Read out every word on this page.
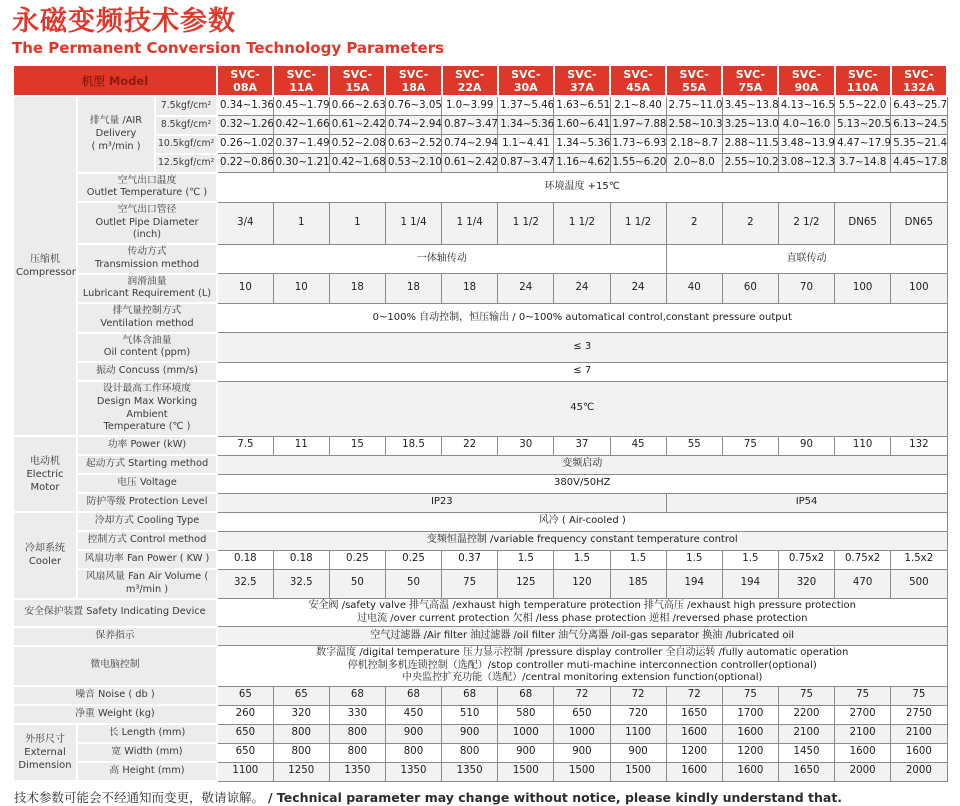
永磁变频技术参数
The Permanent Conversion Technology Parameters
机型 Model			SVC-08A	SVC-11A	SVC-15A	SVC-18A	SVC-22A	SVC-30A	SVC-37A	SVC-45A	SVC-55A	SVC-75A	SVC-90A	SVC-110A	SVC-132A
压缩机
Compressor	排气量 /AIR
Delivery
( m³/min )	7.5kgf/cm²	0.34~1.36	0.45~1.79	0.66~2.63	0.76~3.05	1.0~3.99	1.37~5.46	1.63~6.51	2.1~8.40	2.75~11.0	3.45~13.8	4.13~16.5	5.5~22.0	6.43~25.7
		8.5kgf/cm²	0.32~1.26	0.42~1.66	0.61~2.42	0.74~2.94	0.87~3.47	1.34~5.36	1.60~6.41	1.97~7.88	2.58~10.3	3.25~13.0	4.0~16.0	5.13~20.5	6.13~24.5
		10.5kgf/cm²	0.26~1.02	0.37~1.49	0.52~2.08	0.63~2.52	0.74~2.94	1.1~4.41	1.34~5.36	1.73~6.93	2.18~8.7	2.88~11.5	3.48~13.9	4.47~17.9	5.35~21.4
		12.5kgf/cm²	0.22~0.86	0.30~1.21	0.42~1.68	0.53~2.10	0.61~2.42	0.87~3.47	1.16~4.62	1.55~6.20	2.0~8.0	2.55~10.2	3.08~12.3	3.7~14.8	4.45~17.8
	空气出口温度
Outlet Temperature (℃ )		环境温度 +15℃												
	空气出口管径
Outlet Pipe Diameter (inch)		3/4	1	1	1 1/4	1 1/4	1 1/2	1 1/2	1 1/2	2	2	2 1/2	DN65	DN65
	传动方式
Transmission method		一体轴传动								直联传动				
	润滑油量
Lubricant Requirement (L)		10	10	18	18	18	24	24	24	40	60	70	100	100
	排气量控制方式
Ventilation method		0~100% 自动控制，恒压输出 / 0~100% automatical control,constant pressure output												
	气体含油量
Oil content (ppm)		≤ 3												
	振动 Concuss (mm/s)		≤ 7												
	设计最高工作环境度
Design Max Working Ambient
Temperature (℃ )		45℃												
电动机
Electric Motor	功率 Power (kW)		7.5	11	15	18.5	22	30	37	45	55	75	90	110	132
	起动方式 Starting method		变频启动												
	电压 Voltage		380V/50HZ												
	防护等级 Protection Level		IP23								IP54				
冷却系统
Cooler	冷却方式 Cooling Type		风冷 ( Air-cooled )												
	控制方式 Control method		变频恒温控制 /variable frequency constant temperature control												
	风扇功率 Fan Power ( KW )		0.18	0.18	0.25	0.25	0.37	1.5	1.5	1.5	1.5	1.5	0.75x2	0.75x2	1.5x2
	风扇风量 Fan Air Volume ( m³/min )		32.5	32.5	50	50	75	125	120	185	194	194	320	470	500
安全保护装置 Safety Indicating Device			安全阀 /safety valve 排气高温 /exhaust high temperature protection 排气高压 /exhaust high pressure protection
过电流 /over current protection 欠相 /less phase protection 逆相 /reversed phase protection												
保养指示			空气过滤器 /Air filter 油过滤器 /oil filter 油气分离器 /oil-gas separator 换油 /lubricated oil												
微电脑控制			数字温度 /digital temperature 压力显示控制 /pressure display controller 全自动运转 /fully automatic operation
停机控制多机连锁控制（选配）/stop controller muti-machine interconnection controller(optional)
中央监控扩充功能（选配）/central monitoring extension function(optional)												
噪音 Noise ( db )			65	65	68	68	68	68	72	72	72	75	75	75	75
净重 Weight (kg)			260	320	330	450	510	580	650	720	1650	1700	2200	2700	2750
外形尺寸
External
Dimension	长 Length (mm)		650	800	800	900	900	1000	1000	1100	1600	1600	2100	2100	2100
	宽 Width (mm)		650	800	800	800	800	900	900	900	1200	1200	1450	1600	1600
	高 Height (mm)		1100	1250	1350	1350	1350	1500	1500	1500	1600	1600	1650	2000	2000
技术参数可能会不经通知而变更，敬请谅解。 / Technical parameter may change without notice, please kindly understand that.
